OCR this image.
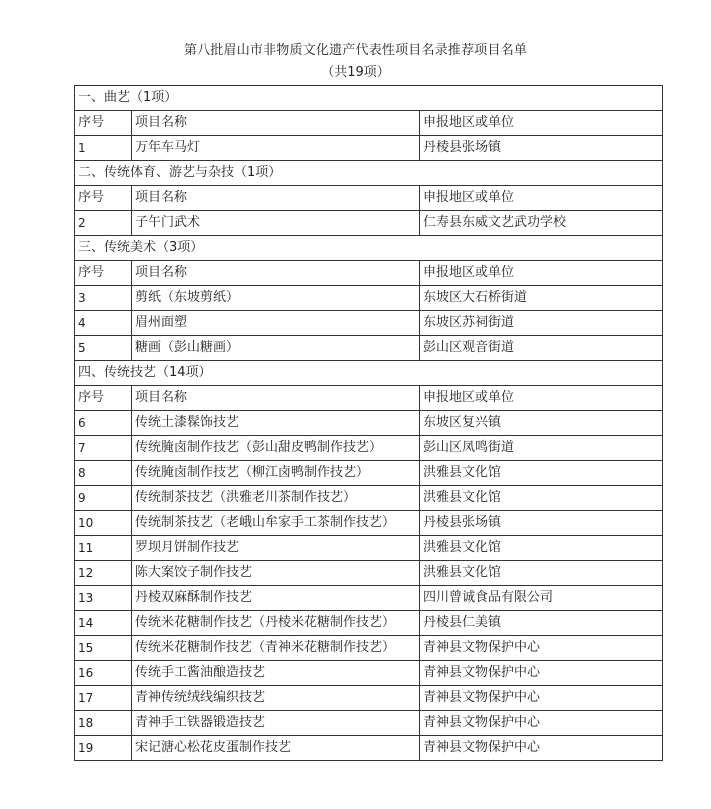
第八批眉山市非物质文化遗产代表性项目名录推荐项目名单
（共19项）
一、曲艺（1项）		
序号	项目名称	申报地区或单位
1	万年车马灯	丹棱县张场镇
二、传统体育、游艺与杂技（1项）		
序号	项目名称	申报地区或单位
2	子午门武术	仁寿县东威文艺武功学校
三、传统美术（3项）		
序号	项目名称	申报地区或单位
3	剪纸（东坡剪纸）	东坡区大石桥街道
4	眉州面塑	东坡区苏祠街道
5	糖画（彭山糖画）	彭山区观音街道
四、传统技艺（14项）		
序号	项目名称	申报地区或单位
6	传统土漆髹饰技艺	东坡区复兴镇
7	传统腌卤制作技艺（彭山甜皮鸭制作技艺）	彭山区凤鸣街道
8	传统腌卤制作技艺（柳江卤鸭制作技艺）	洪雅县文化馆
9	传统制茶技艺（洪雅老川茶制作技艺）	洪雅县文化馆
10	传统制茶技艺（老峨山牟家手工茶制作技艺）	丹棱县张场镇
11	罗坝月饼制作技艺	洪雅县文化馆
12	陈大案饺子制作技艺	洪雅县文化馆
13	丹棱双麻酥制作技艺	四川曾诚食品有限公司
14	传统米花糖制作技艺（丹棱米花糖制作技艺）	丹棱县仁美镇
15	传统米花糖制作技艺（青神米花糖制作技艺）	青神县文物保护中心
16	传统手工酱油酿造技艺	青神县文物保护中心
17	青神传统绒线编织技艺	青神县文物保护中心
18	青神手工铁器锻造技艺	青神县文物保护中心
19	宋记溏心松花皮蛋制作技艺	青神县文物保护中心
